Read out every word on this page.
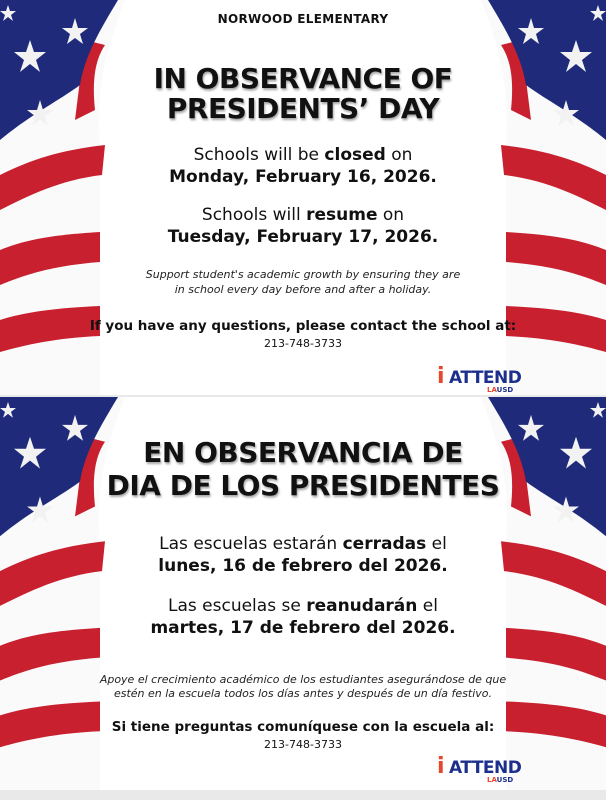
NORWOOD ELEMENTARY
IN OBSERVANCE OF
PRESIDENTS’ DAY
Schools will be closed on
Monday, February 16, 2026.
Schools will resume on
Tuesday, February 17, 2026.
Support student's academic growth by ensuring they are
in school every day before and after a holiday.
If you have any questions, please contact the school at:
213-748-3733
i ATTEND
LAUSD
EN OBSERVANCIA DE
DIA DE LOS PRESIDENTES
Las escuelas estarán cerradas el
lunes, 16 de febrero del 2026.
Las escuelas se reanudarán el
martes, 17 de febrero del 2026.
Apoye el crecimiento académico de los estudiantes asegurándose de que
estén en la escuela todos los días antes y después de un día festivo.
Si tiene preguntas comuníquese con la escuela al:
213-748-3733
i ATTEND
LAUSD
